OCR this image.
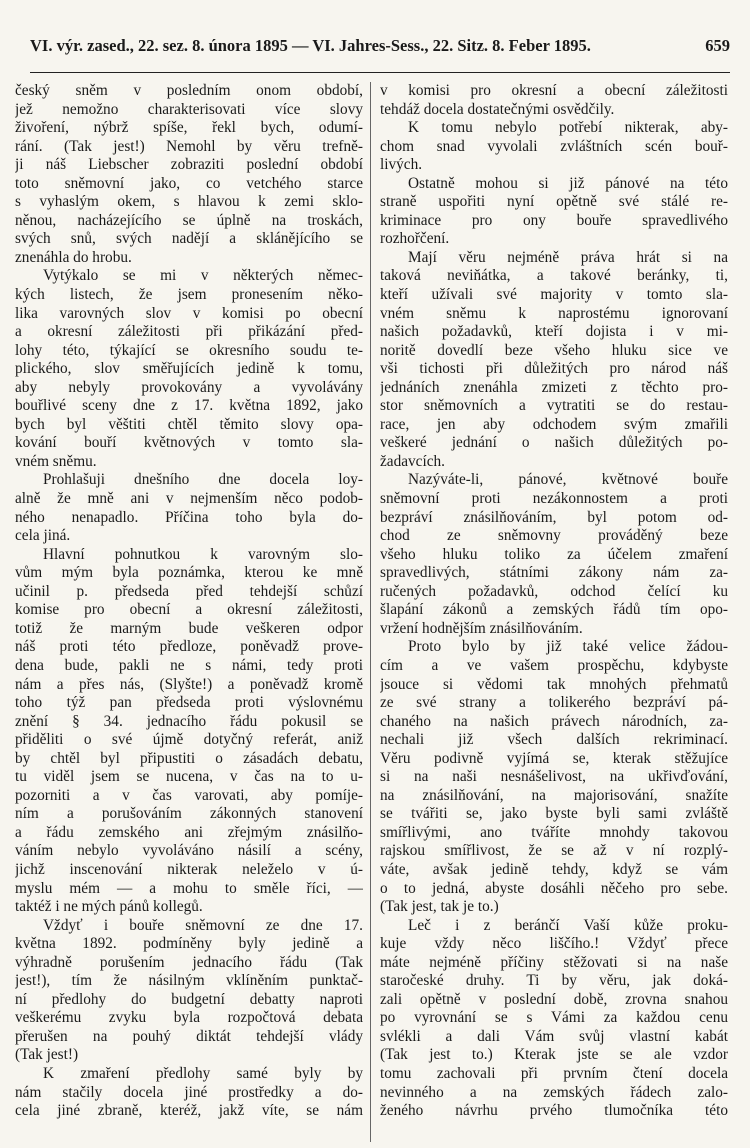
VI. výr. zased., 22. sez. 8. února 1895 — VI. Jahres-Sess., 22. Sitz. 8. Feber 1895.	659
český sněm v posledním onom období,
jež nemožno charakterisovati více slovy
živoření, nýbrž spíše, řekl bych, odumí-
rání. (Tak jest!) Nemohl by věru trefně-
ji náš Liebscher zobraziti poslední období
toto sněmovní jako, co vetchého starce
s vyhaslým okem, s hlavou k zemi sklo-
něnou, nacházejícího se úplně na troskách,
svých snů, svých nadějí a sklánějícího se
znenáhla do hrobu.
Vytýkalo se mi v některých němec-
kých listech, že jsem pronesením něko-
lika varovných slov v komisi po obecní
a okresní záležitosti při přikázání před-
lohy této, týkající se okresního soudu te-
plického, slov směřujících jedině k tomu,
aby nebyly provokovány a vyvolávány
bouřlivé sceny dne z 17. května 1892, jako
bych byl věštiti chtěl těmito slovy opa-
kování bouří květnových v tomto sla-
vném sněmu.
Prohlašuji dnešního dne docela loy-
alně že mně ani v nejmenším něco podob-
ného nenapadlo. Příčina toho byla do-
cela jiná.
Hlavní pohnutkou k varovným slo-
vům mým byla poznámka, kterou ke mně
učinil p. předseda před tehdejší schůzí
komise pro obecní a okresní záležitosti,
totiž že marným bude veškeren odpor
náš proti této předloze, poněvadž prove-
dena bude, pakli ne s námi, tedy proti
nám a přes nás, (Slyšte!) a poněvadž kromě
toho týž pan předseda proti výslovnému
znění § 34. jednacího řádu pokusil se
přiděliti o své újmě dotyčný referát, aniž
by chtěl byl připustiti o zásadách debatu,
tu viděl jsem se nucena, v čas na to u-
pozorniti a v čas varovati, aby pomíje-
ním a porušováním zákonných stanovení
a řádu zemského ani zřejmým znásilňo-
váním nebylo vyvoláváno násilí a scény,
jichž inscenování nikterak neleželo v ú-
myslu mém — a mohu to směle říci, —
taktéž i ne mých pánů kollegů.
Vždyť i bouře sněmovní ze dne 17.
května 1892. podmíněny byly jedině a
výhradně porušením jednacího řádu (Tak
jest!), tím že násilným vklíněním punktač-
ní předlohy do budgetní debatty naproti
veškerému zvyku byla rozpočtová debata
přerušen na pouhý diktát tehdejší vlády
(Tak jest!)
K zmaření předlohy samé byly by
nám stačily docela jiné prostředky a do-
cela jiné zbraně, kteréž, jakž víte, se nám
v komisi pro okresní a obecní záležitosti
tehdáž docela dostatečnými osvědčily.
K tomu nebylo potřebí nikterak, aby-
chom snad vyvolali zvláštních scén bouř-
livých.
Ostatně mohou si již pánové na této
straně uspořiti nyní opětně své stálé re-
kriminace pro ony bouře spravedlivého
rozhořčení.
Mají věru nejméně práva hrát si na
taková neviňátka, a takové beránky, ti,
kteří užívali své majority v tomto sla-
vném sněmu k naprostému ignorovaní
našich požadavků, kteří dojista i v mi-
noritě dovedlí beze všeho hluku sice ve
vši tichosti při důležitých pro národ náš
jednáních znenáhla zmizeti z těchto pro-
stor sněmovních a vytratiti se do restau-
race, jen aby odchodem svým zmařili
veškeré jednání o našich důležitých po-
žadavcích.
Nazýváte-li, pánové, květnové bouře
sněmovní proti nezákonnostem a proti
bezpráví znásilňováním, byl potom od-
chod ze sněmovny prováděný beze
všeho hluku toliko za účelem zmaření
spravedlivých, státními zákony nám za-
ručených požadavků, odchod čelící ku
šlapání zákonů a zemských řádů tím opo-
vržení hodnějším znásilňováním.
Proto bylo by již také velice žádou-
cím a ve vašem prospěchu, kdybyste
jsouce si vědomi tak mnohých přehmatů
ze své strany a tolikerého bezpráví pá-
chaného na našich právech národních, za-
nechali již všech dalších rekriminací.
Věru podivně vyjímá se, kterak stěžujíce
si na naši nesnášelivost, na ukřivďování,
na znásilňování, na majorisování, snažíte
se tvářiti se, jako byste byli sami zvláště
smířlivými, ano tváříte mnohdy takovou
rajskou smířlivost, že se až v ní rozplý-
váte, avšak jedině tehdy, když se vám
o to jedná, abyste dosáhli něčeho pro sebe.
(Tak jest, tak je to.)
Leč i z beránčí Vaší kůže proku-
kuje vždy něco liščího.! Vždyť přece
máte nejméně příčiny stěžovati si na naše
staročeské druhy. Ti by věru, jak doká-
zali opětně v poslední době, zrovna snahou
po vyrovnání se s Vámi za každou cenu
svlékli a dali Vám svůj vlastní kabát
(Tak jest to.) Kterak jste se ale vzdor
tomu zachovali při prvním čtení docela
nevinného a na zemských řádech zalo-
ženého návrhu prvého tlumočníka této
